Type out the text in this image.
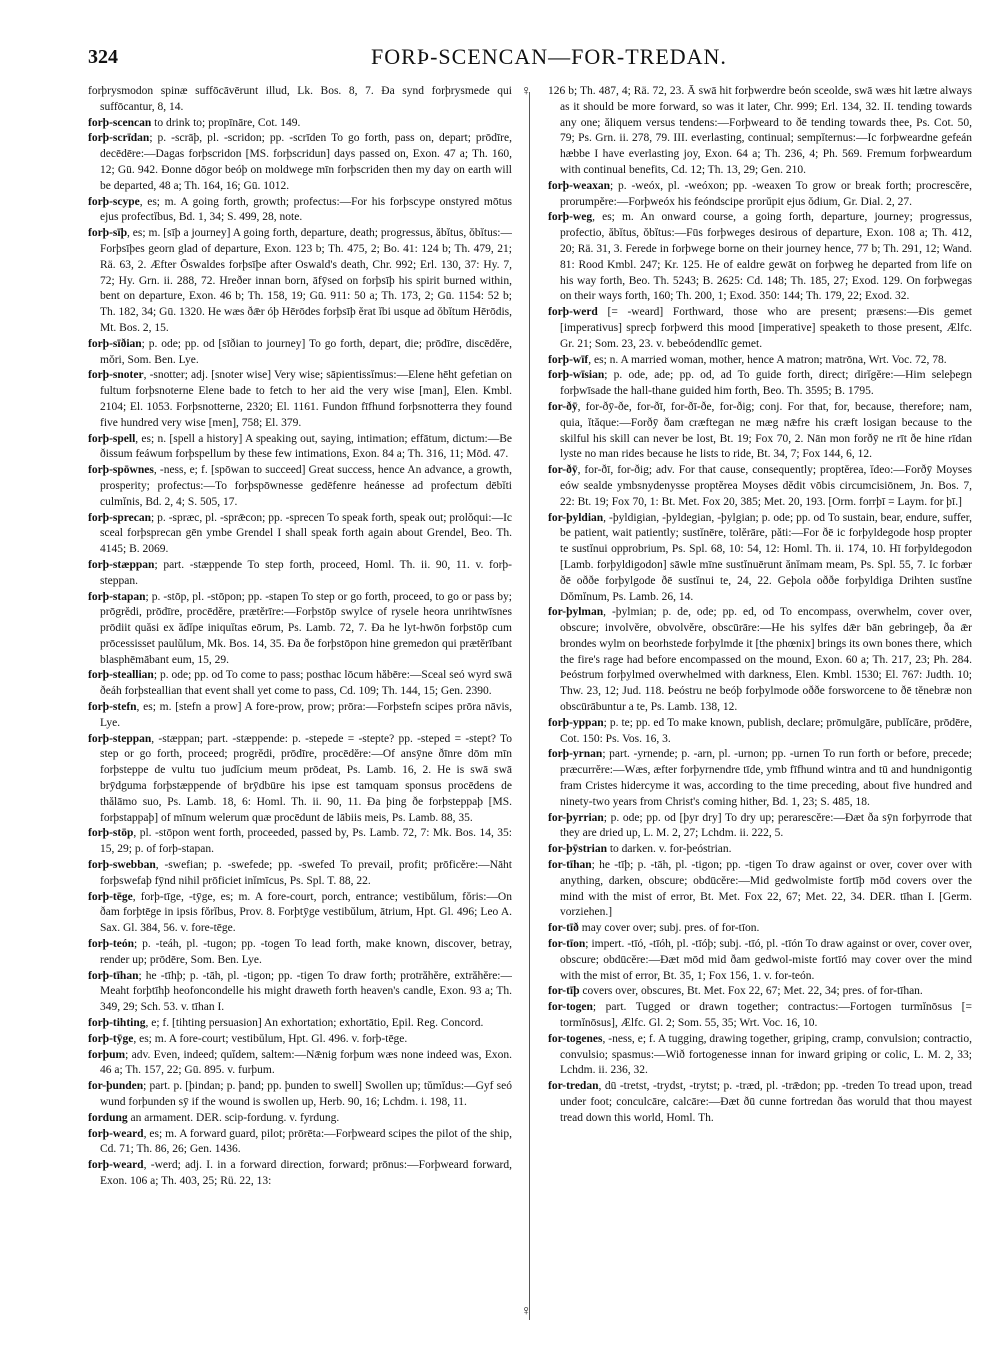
324	FORÞ-SCENCAN—FOR-TREDAN.

forþrysmodon spinæ suffōcāvērunt illud, Lk. Bos. 8, 7. Ða synd forþrysmede qui suffōcantur, 8, 14.

forþ-scencan to drink to; propīnāre, Cot. 149.

forþ-scrīdan; p. -scrāþ, pl. -scridon; pp. -scrīden To go forth, pass on, depart; prōdīre, decēdēre:—Dagas forþscridon [MS. forþscridun] days passed on, Exon. 47 a; Th. 160, 12; Gū. 942. Ðonne dōgor beóþ on moldwege mīn forþscriden then my day on earth will be departed, 48 a; Th. 164, 16; Gū. 1012.

forþ-scype, es; m. A going forth, growth; profectus:—For his forþscype onstyred mōtus ejus profectĭbus, Bd. 1, 34; S. 499, 28, note.

forþ-sīþ, es; m. [sīþ a journey] A going forth, departure, death; progressus, ăbĭtus, ŏbĭtus:—Forþsīþes georn glad of departure, Exon. 123 b; Th. 475, 2; Bo. 41: 124 b; Th. 479, 21; Rä. 63, 2. Æfter Ōswaldes forþsīþe after Oswald's death, Chr. 992; Erl. 130, 37: Hy. 7, 72; Hy. Grn. ii. 288, 72. Hreðer innan born, āfȳsed on forþsīþ his spirit burned within, bent on departure, Exon. 46 b; Th. 158, 19; Gū. 911: 50 a; Th. 173, 2; Gū. 1154: 52 b; Th. 182, 34; Gū. 1320. He wæs ðǣr óþ Hērōdes forþsīþ ĕrat ĭbi usque ad ŏbĭtum Hērōdis, Mt. Bos. 2, 15.

forþ-sīðian; p. ode; pp. od [sīðian to journey] To go forth, depart, die; prōdīre, discēdĕre, mŏri, Som. Ben. Lye.

forþ-snoter, -snotter; adj. [snoter wise] Very wise; sāpientissĭmus:—Elene hēht gefetian on fultum forþsnoterne Elene bade to fetch to her aid the very wise [man], Elen. Kmbl. 2104; El. 1053. Forþsnotterne, 2320; El. 1161. Fundon fīfhund forþsnotterra they found five hundred very wise [men], 758; El. 379.

forþ-spell, es; n. [spell a history] A speaking out, saying, intimation; effātum, dictum:—Be ðissum feáwum forþspellum by these few intimations, Exon. 84 a; Th. 316, 11; Mōd. 47.

forþ-spōwnes, -ness, e; f. [spōwan to succeed] Great success, hence An advance, a growth, prosperity; profectus:—To forþspōwnesse gedēfenre heánesse ad profectum dēbĭti culmĭnis, Bd. 2, 4; S. 505, 17.

forþ-sprecan; p. -spræc, pl. -sprǣcon; pp. -sprecen To speak forth, speak out; prolŏqui:—Ic sceal forþsprecan gēn ymbe Grendel I shall speak forth again about Grendel, Beo. Th. 4145; B. 2069.

forþ-stæppan; part. -stæppende To step forth, proceed, Homl. Th. ii. 90, 11. v. forþ-steppan.

forþ-stapan; p. -stōp, pl. -stōpon; pp. -stapen To step or go forth, proceed, to go or pass by; prōgrĕdi, prōdīre, procēdĕre, prætĕrīre:—Forþstōp swylce of rysele heora unrihtwīsnes prōdiit quăsi ex ădĭpe iniquĭtas eōrum, Ps. Lamb. 72, 7. Ða he lyt-hwōn forþstōp cum prōcessisset paulŭlum, Mk. Bos. 14, 35. Ða ðe forþstōpon hine gremedon qui prætĕrībant blasphēmābant eum, 15, 29.

forþ-steallian; p. ode; pp. od To come to pass; posthac lōcum hăbēre:—Sceal seó wyrd swā ðeáh forþsteallian that event shall yet come to pass, Cd. 109; Th. 144, 15; Gen. 2390.

forþ-stefn, es; m. [stefn a prow] A fore-prow, prow; prōra:—Forþstefn scipes prōra nāvis, Lye.

forþ-steppan, -stæppan; part. -stæppende: p. -stepede = -stepte? pp. -steped = -stept? To step or go forth, proceed; progrĕdi, prōdīre, procēdĕre:—Of ansȳne ðīnre dōm mīn forþsteppe de vultu tuo judĭcium meum prōdeat, Ps. Lamb. 16, 2. He is swā swā brȳdguma forþstæppende of brȳdbūre his ipse est tamquam sponsus procēdens de thălāmo suo, Ps. Lamb. 18, 6: Homl. Th. ii. 90, 11. Ða þing ðe forþsteppaþ [MS. forþstappaþ] of mīnum welerum quæ procēdunt de lābiis meis, Ps. Lamb. 88, 35.

forþ-stōp, pl. -stōpon went forth, proceeded, passed by, Ps. Lamb. 72, 7: Mk. Bos. 14, 35: 15, 29; p. of forþ-stapan.

forþ-swebban, -swefian; p. -swefede; pp. -swefed To prevail, profit; prōficĕre:—Nāht forþswefaþ fȳnd nihil prōficiet inĭmīcus, Ps. Spl. T. 88, 22.

forþ-tēge, forþ-tīge, -tȳge, es; m. A fore-court, porch, entrance; vestibŭlum, fŏris:—On ðam forþtēge in ipsis fŏrĭbus, Prov. 8. Forþtȳge vestibŭlum, ātrium, Hpt. Gl. 496; Leo A. Sax. Gl. 384, 56. v. fore-tēge.

forþ-teón; p. -teáh, pl. -tugon; pp. -togen To lead forth, make known, discover, betray, render up; prōdēre, Som. Ben. Lye.

forþ-tīhan; he -tīhþ; p. -tāh, pl. -tigon; pp. -tigen To draw forth; protrăhĕre, extrăhĕre:—Meaht forþtīhþ heofoncondelle his might draweth forth heaven's candle, Exon. 93 a; Th. 349, 29; Sch. 53. v. tīhan I.

forþ-tihting, e; f. [tihting persuasion] An exhortation; exhortātio, Epil. Reg. Concord.

forþ-tȳge, es; m. A fore-court; vestibŭlum, Hpt. Gl. 496. v. forþ-tēge.

forþum; adv. Even, indeed; quĭdem, saltem:—Nǣnig forþum wæs none indeed was, Exon. 46 a; Th. 157, 22; Gū. 895. v. furþum.

for-þunden; part. p. [þindan; p. þand; pp. þunden to swell] Swollen up; tŭmĭdus:—Gyf seó wund forþunden sȳ if the wound is swollen up, Herb. 90, 16; Lchdm. i. 198, 11.

fordung an armament. DER. scip-fordung. v. fyrdung.

forþ-weard, es; m. A forward guard, pilot; prōrēta:—Forþweard scipes the pilot of the ship, Cd. 71; Th. 86, 26; Gen. 1436.

forþ-weard, -werd; adj. I. in a forward direction, forward; prōnus:—Forþweard forward, Exon. 106 a; Th. 403, 25; Rü. 22, 13:

♀
♀

126 b; Th. 487, 4; Rä. 72, 23. Ā swā hit forþwerdre beón sceolde, swā wæs hit lætre always as it should be more forward, so was it later, Chr. 999; Erl. 134, 32. II. tending towards any one; ăliquem versus tendens:—Forþweard to ðē tending towards thee, Ps. Cot. 50, 79; Ps. Grn. ii. 278, 79. III. everlasting, continual; sempĭternus:—Ic forþweardne gefeán hæbbe I have everlasting joy, Exon. 64 a; Th. 236, 4; Ph. 569. Fremum forþweardum with continual benefits, Cd. 12; Th. 13, 29; Gen. 210.

forþ-weaxan; p. -weóx, pl. -weóxon; pp. -weaxen To grow or break forth; procrescĕre, prorumpĕre:—Forþweóx his feóndscipe prorŭpit ejus ŏdium, Gr. Dial. 2, 27.

forþ-weg, es; m. An onward course, a going forth, departure, journey; progressus, profectio, ăbĭtus, ŏbĭtus:—Fūs forþweges desirous of departure, Exon. 108 a; Th. 412, 20; Rä. 31, 3. Ferede in forþwege borne on their journey hence, 77 b; Th. 291, 12; Wand. 81: Rood Kmbl. 247; Kr. 125. He of ealdre gewāt on forþweg he departed from life on his way forth, Beo. Th. 5243; B. 2625: Cd. 148; Th. 185, 27; Exod. 129. On forþwegas on their ways forth, 160; Th. 200, 1; Exod. 350: 144; Th. 179, 22; Exod. 32.

forþ-werd [= -weard] Forthward, those who are present; præsens:—Ðis gemet [imperativus] sprecþ forþwerd this mood [imperative] speaketh to those present, Ælfc. Gr. 21; Som. 23, 23. v. bebeódendlīc gemet.

forþ-wīf, es; n. A married woman, mother, hence A matron; matrōna, Wrt. Voc. 72, 78.

forþ-wīsian; p. ode, ade; pp. od, ad To guide forth, direct; dirĭgĕre:—Him seleþegn forþwīsade the hall-thane guided him forth, Beo. Th. 3595; B. 1795.

for-ðȳ, for-ðȳ-ðe, for-ðī, for-ðī-ðe, for-ðig; conj. For that, for, because, therefore; nam, quia, ĭtăque:—Forðȳ ðam cræftegan ne mæg nǣfre his cræft losigan because to the skilful his skill can never be lost, Bt. 19; Fox 70, 2. Nān mon forðȳ ne rīt ðe hine rīdan lyste no man rides because he lists to ride, Bt. 34, 7; Fox 144, 6, 12.

for-ðȳ, for-ðī, for-ðig; adv. For that cause, consequently; proptĕrea, ĭdeo:—Forðȳ Moyses eów sealde ymbsnydenysse proptĕrea Moyses dĕdit vōbis circumcisiōnem, Jn. Bos. 7, 22: Bt. 19; Fox 70, 1: Bt. Met. Fox 20, 385; Met. 20, 193. [Orm. forrþī = Laym. for þī.]

for-þyldian, -þyldigian, -þyldegian, -þylgian; p. ode; pp. od To sustain, bear, endure, suffer, be patient, wait patiently; sustĭnēre, tolĕrāre, păti:—For ðē ic forþyldegode hosp propter te sustĭnui opprobrium, Ps. Spl. 68, 10: 54, 12: Homl. Th. ii. 174, 10. Hī forþyldegodon [Lamb. forþyldigodon] sāwle mīne sustĭnuērunt ănĭmam meam, Ps. Spl. 55, 7. Ic forbær ðē oððe forþylgode ðē sustĭnui te, 24, 22. Geþola oððe forþyldiga Drihten sustĭne Dŏmĭnum, Ps. Lamb. 26, 14.

for-þylman, -þylmian; p. de, ode; pp. ed, od To encompass, overwhelm, cover over, obscure; involvĕre, obvolvĕre, obscūrāre:—He his sylfes dǣr bān gebringeþ, ða ǣr brondes wylm on beorhstede forþylmde it [the phœnix] brings its own bones there, which the fire's rage had before encompassed on the mound, Exon. 60 a; Th. 217, 23; Ph. 284. Þeóstrum forþylmed overwhelmed with darkness, Elen. Kmbl. 1530; El. 767: Judth. 10; Thw. 23, 12; Jud. 118. Þeóstru ne beóþ forþylmode oððe forsworcene to ðē tĕnebræ non obscūrābuntur a te, Ps. Lamb. 138, 12.

forþ-yppan; p. te; pp. ed To make known, publish, declare; prōmulgāre, publĭcāre, prōdēre, Cot. 150: Ps. Vos. 16, 3.

forþ-yrnan; part. -yrnende; p. -arn, pl. -urnon; pp. -urnen To run forth or before, precede; præcurrĕre:—Wæs, æfter forþyrnendre tīde, ymb fīfhund wintra and tū and hundnigontig fram Cristes hidercyme it was, according to the time preceding, about five hundred and ninety-two years from Christ's coming hither, Bd. 1, 23; S. 485, 18.

for-þyrrian; p. ode; pp. od [þyr dry] To dry up; perarescĕre:—Ðæt ða sȳn forþyrrode that they are dried up, L. M. 2, 27; Lchdm. ii. 222, 5.

for-þȳstrian to darken. v. for-þeóstrian.

for-tīhan; he -tīþ; p. -tāh, pl. -tigon; pp. -tigen To draw against or over, cover over with anything, darken, obscure; obdūcĕre:—Mid gedwolmiste fortīþ mōd covers over the mind with the mist of error, Bt. Met. Fox 22, 67; Met. 22, 34. DER. tīhan I. [Germ. vorziehen.]

for-tīð may cover over; subj. pres. of for-tīon.

for-tīon; impert. -tīó, -tīóh, pl. -tīóþ; subj. -tīó, pl. -tīón To draw against or over, cover over, obscure; obdūcĕre:—Ðæt mōd mid ðam gedwol-miste fortīó may cover over the mind with the mist of error, Bt. 35, 1; Fox 156, 1. v. for-teón.

for-tīþ covers over, obscures, Bt. Met. Fox 22, 67; Met. 22, 34; pres. of for-tīhan.

for-togen; part. Tugged or drawn together; contractus:—Fortogen turmĭnōsus [= tormĭnōsus], Ælfc. Gl. 2; Som. 55, 35; Wrt. Voc. 16, 10.

for-togenes, -ness, e; f. A tugging, drawing together, griping, cramp, convulsion; contractio, convulsio; spasmus:—Wið fortogenesse innan for inward griping or colic, L. M. 2, 33; Lchdm. ii. 236, 32.

for-tredan, dū -tretst, -trydst, -trytst; p. -træd, pl. -trǣdon; pp. -treden To tread upon, tread under foot; conculcāre, calcāre:—Ðæt ðū cunne fortredan ðas woruld that thou mayest tread down this world, Homl. Th.
